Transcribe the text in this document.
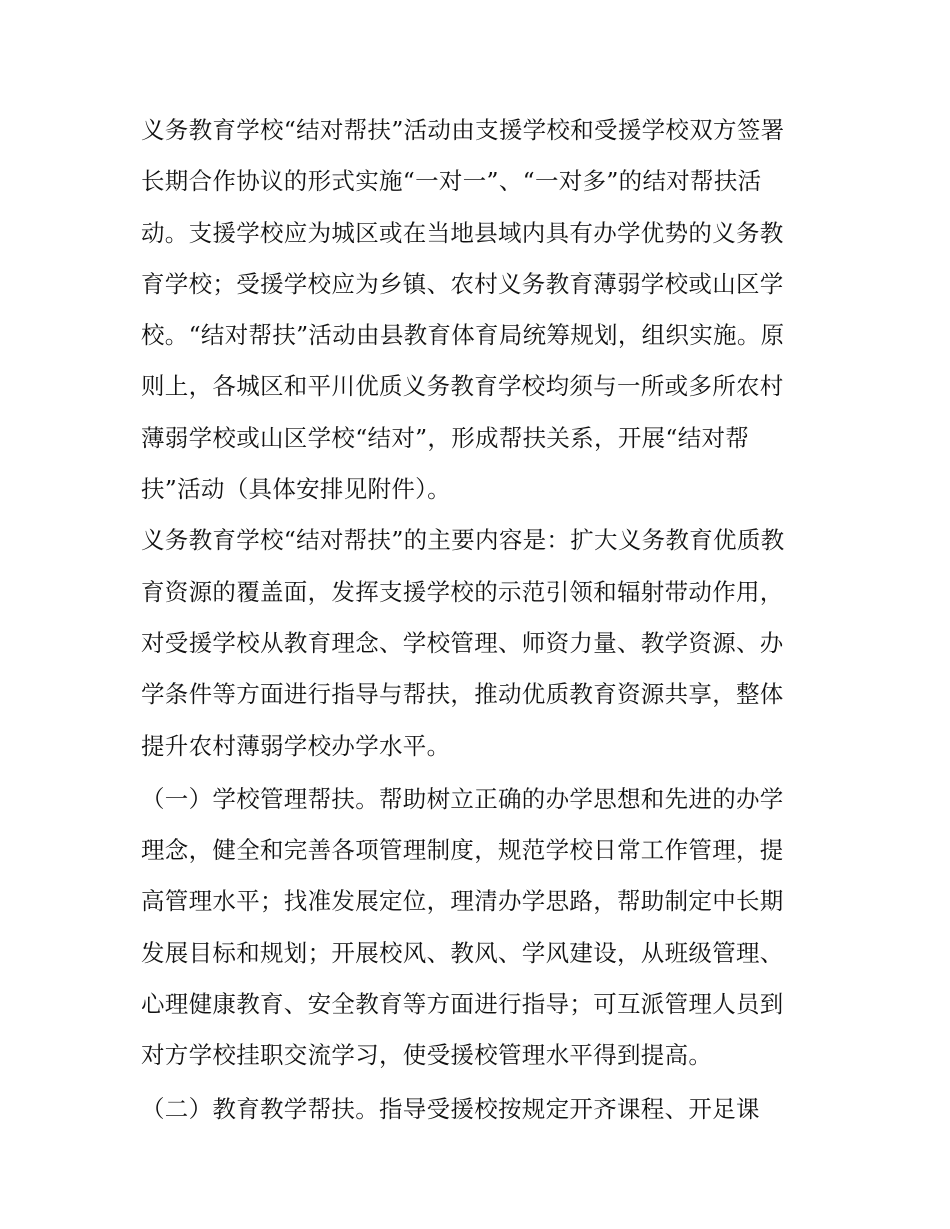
义务教育学校“结对帮扶”活动由支援学校和受援学校双方签署
长期合作协议的形式实施“一对一”、“一对多”的结对帮扶活
动。支援学校应为城区或在当地县域内具有办学优势的义务教
育学校；受援学校应为乡镇、农村义务教育薄弱学校或山区学
校。“结对帮扶”活动由县教育体育局统筹规划，组织实施。原
则上，各城区和平川优质义务教育学校均须与一所或多所农村
薄弱学校或山区学校“结对”，形成帮扶关系，开展“结对帮
扶”活动（具体安排见附件）。
义务教育学校“结对帮扶”的主要内容是：扩大义务教育优质教
育资源的覆盖面，发挥支援学校的示范引领和辐射带动作用，
对受援学校从教育理念、学校管理、师资力量、教学资源、办
学条件等方面进行指导与帮扶，推动优质教育资源共享，整体
提升农村薄弱学校办学水平。
（一）学校管理帮扶。帮助树立正确的办学思想和先进的办学
理念，健全和完善各项管理制度，规范学校日常工作管理，提
高管理水平；找准发展定位，理清办学思路，帮助制定中长期
发展目标和规划；开展校风、教风、学风建设，从班级管理、
心理健康教育、安全教育等方面进行指导；可互派管理人员到
对方学校挂职交流学习，使受援校管理水平得到提高。
（二）教育教学帮扶。指导受援校按规定开齐课程、开足课
